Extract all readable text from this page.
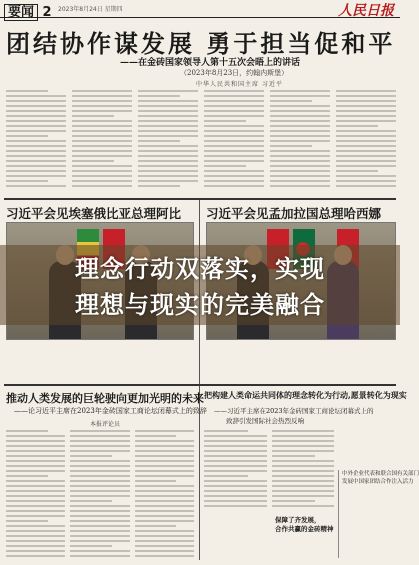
要闻 2 2023年8月24日 星期四	人民日报
团结协作谋发展 勇于担当促和平
——在金砖国家领导人第十五次会晤上的讲话
（2023年8月23日，约翰内斯堡）
中华人民共和国主席 习近平
习近平会见埃塞俄比亚总理阿比 习近平会见孟加拉国总理哈西娜
理念行动双落实，实现
理想与现实的完美融合
推动人类发展的巨轮驶向更加光明的未来
——论习近平主席在2023年金砖国家工商论坛闭幕式上的致辞
本报评论员
把构建人类命运共同体的理念转化为行动,愿景转化为现实
——习近平主席在2023年金砖国家工商论坛闭幕式上的
致辞引发国际社会热烈反响
保障了齐发展，
合作共赢的金砖精神
中外企业代表和联合国有关部门
发展中国家团结合作注入活力
